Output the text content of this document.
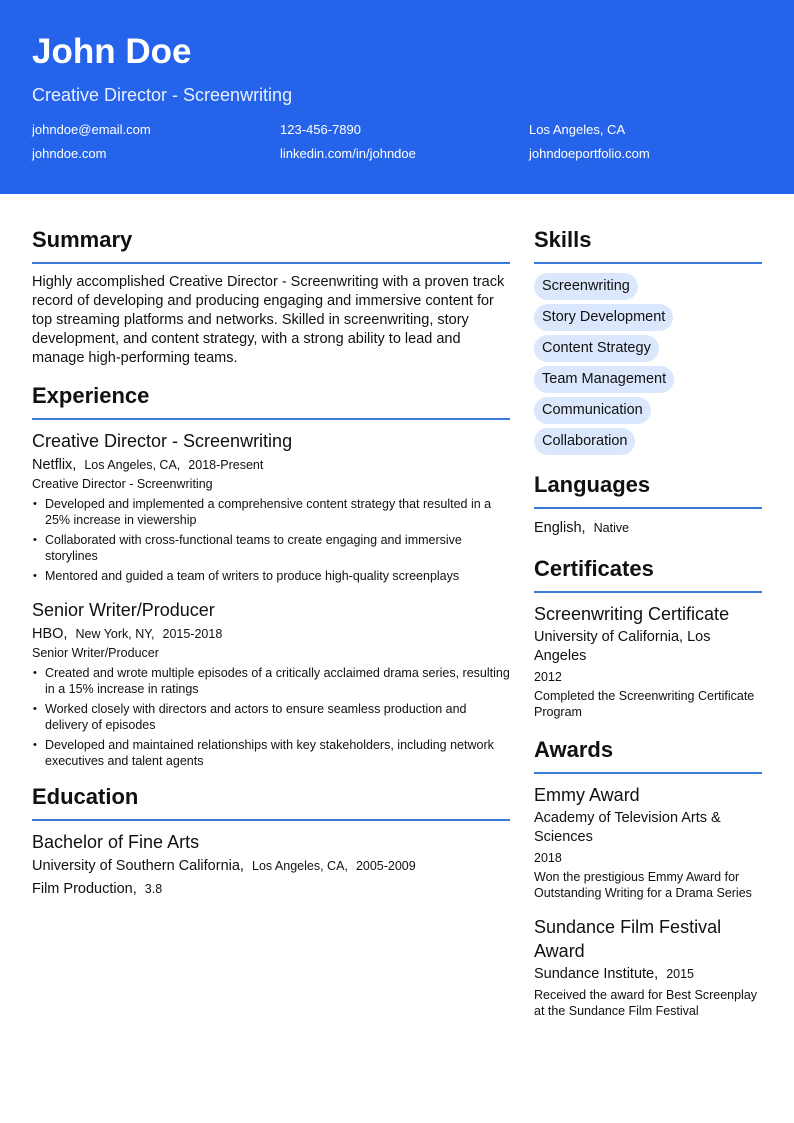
John Doe
Creative Director - Screenwriting
johndoe@email.com	123-456-7890	Los Angeles, CA
johndoe.com	linkedin.com/in/johndoe	johndoeportfolio.com
Summary

Highly accomplished Creative Director - Screenwriting with a proven track record of developing and producing engaging and immersive content for top streaming platforms and networks. Skilled in screenwriting, story development, and content strategy, with a strong ability to lead and manage high-performing teams.

Experience
Creative Director - Screenwriting
Netflix, Los Angeles, CA, 2018-Present
Creative Director - Screenwriting
• Developed and implemented a comprehensive content strategy that resulted in a 25% increase in viewership
• Collaborated with cross-functional teams to create engaging and immersive storylines
• Mentored and guided a team of writers to produce high-quality screenplays
Senior Writer/Producer
HBO, New York, NY, 2015-2018
Senior Writer/Producer
• Created and wrote multiple episodes of a critically acclaimed drama series, resulting in a 15% increase in ratings
• Worked closely with directors and actors to ensure seamless production and delivery of episodes
• Developed and maintained relationships with key stakeholders, including network executives and talent agents
Education
Bachelor of Fine Arts
University of Southern California, Los Angeles, CA, 2005-2009
Film Production, 3.8
Skills
Screenwriting
Story Development
Content Strategy
Team Management
Communication
Collaboration
Languages
English, Native
Certificates
Screenwriting Certificate
University of California, Los Angeles
2012
Completed the Screenwriting Certificate Program
Awards
Emmy Award
Academy of Television Arts & Sciences
2018
Won the prestigious Emmy Award for Outstanding Writing for a Drama Series
Sundance Film Festival Award
Sundance Institute, 2015
Received the award for Best Screenplay at the Sundance Film Festival
